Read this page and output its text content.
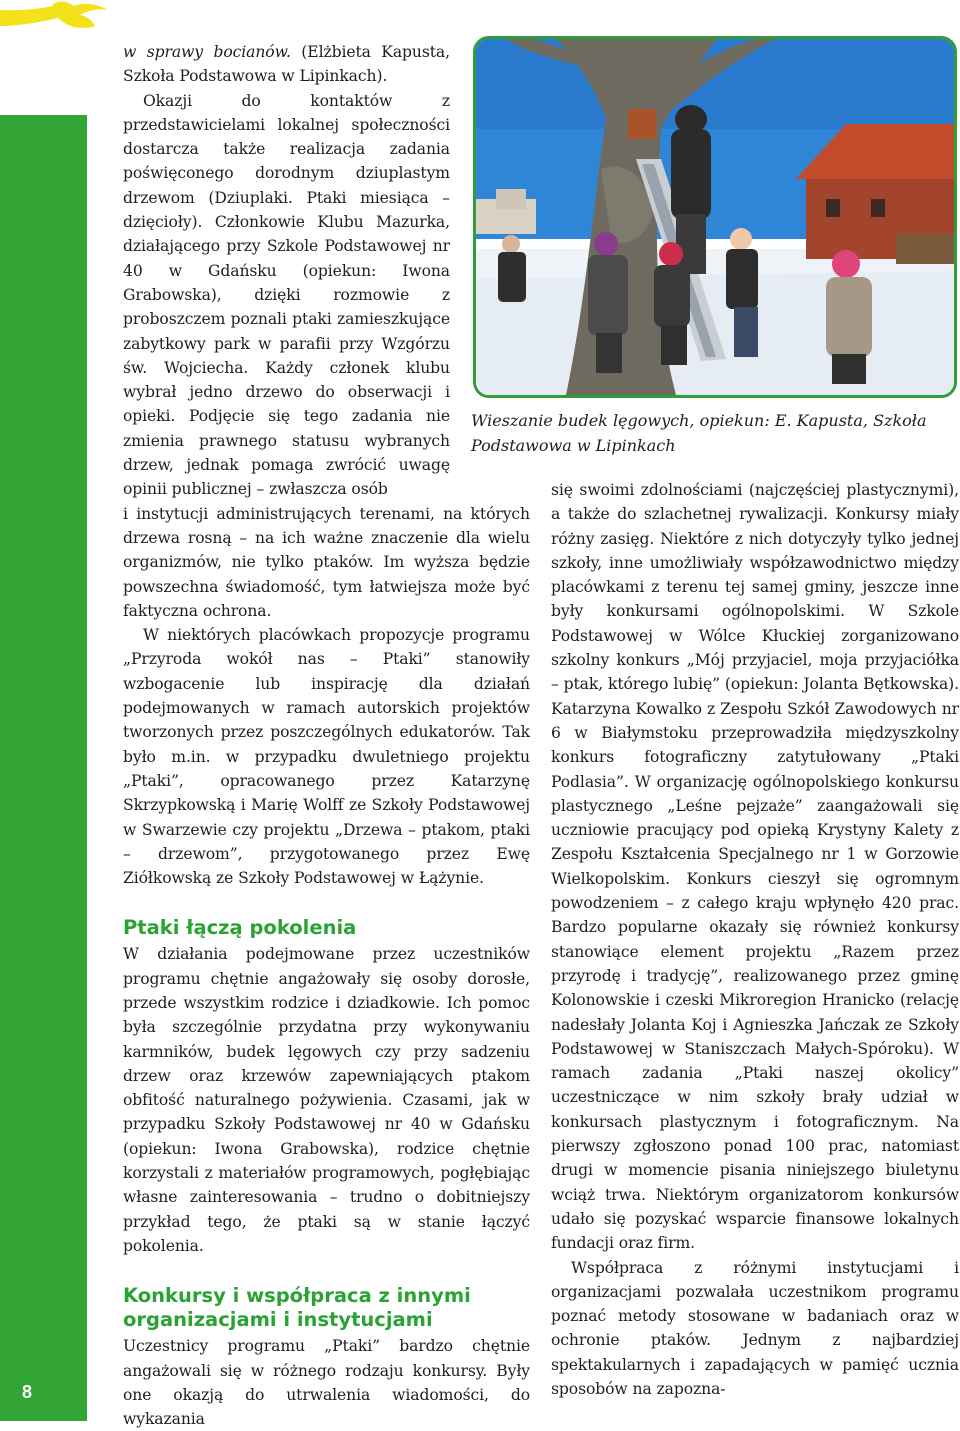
8
Wieszanie budek lęgowych, opiekun: E. Kapusta, Szkoła Podstawowa w Lipinkach

w sprawy bocianów. (Elżbieta Kapusta, Szkoła Podstawowa w Lipinkach).

Okazji do kontaktów z przedstawicielami lokalnej społeczności dostarcza także realizacja zadania poświęconego dorodnym dziuplastym drzewom (Dziuplaki. Ptaki miesiąca – dzięcioły). Członkowie Klubu Mazurka, działającego przy Szkole Podstawowej nr 40 w Gdańsku (opiekun: Iwona Grabowska), dzięki rozmowie z proboszczem poznali ptaki zamieszkujące zabytkowy park w parafii przy Wzgórzu św. Wojciecha. Każdy członek klubu wybrał jedno drzewo do obserwacji i opieki. Podjęcie się tego zadania nie zmienia prawnego statusu wybranych drzew, jednak pomaga zwrócić uwagę opinii publicznej – zwłaszcza osób

i instytucji administrujących terenami, na których drzewa rosną – na ich ważne znaczenie dla wielu organizmów, nie tylko ptaków. Im wyższa będzie powszechna świadomość, tym łatwiejsza może być faktyczna ochrona.

W niektórych placówkach propozycje programu „Przyroda wokół nas – Ptaki” stanowiły wzbogacenie lub inspirację dla działań podejmowanych w ramach autorskich projektów tworzonych przez poszczególnych edukatorów. Tak było m.in. w przypadku dwuletniego projektu „Ptaki”, opracowanego przez Katarzynę Skrzypkowską i Marię Wolff ze Szkoły Podstawowej w Swarzewie czy projektu „Drzewa – ptakom, ptaki – drzewom”, przygotowanego przez Ewę Ziółkowską ze Szkoły Podstawowej w Łążynie.

Ptaki łączą pokolenia

W działania podejmowane przez uczestników programu chętnie angażowały się osoby dorosłe, przede wszystkim rodzice i dziadkowie. Ich pomoc była szczególnie przydatna przy wykonywaniu karmników, budek lęgowych czy przy sadzeniu drzew oraz krzewów zapewniających ptakom obfitość naturalnego pożywienia. Czasami, jak w przypadku Szkoły Podstawowej nr 40 w Gdańsku (opiekun: Iwona Grabowska), rodzice chętnie korzystali z materiałów programowych, pogłębiając własne zainteresowania – trudno o dobitniejszy przykład tego, że ptaki są w stanie łączyć pokolenia.

Konkursy i współpraca z innymi organizacjami i instytucjami

Uczestnicy programu „Ptaki” bardzo chętnie angażowali się w różnego rodzaju konkursy. Były one okazją do utrwalenia wiadomości, do wykazania

się swoimi zdolnościami (najczęściej plastycznymi), a także do szlachetnej rywalizacji. Konkursy miały różny zasięg. Niektóre z nich dotyczyły tylko jednej szkoły, inne umożliwiały współzawodnictwo między placówkami z terenu tej samej gminy, jeszcze inne były konkursami ogólnopolskimi. W Szkole Podstawowej w Wólce Kłuckiej zorganizowano szkolny konkurs „Mój przyjaciel, moja przyjaciółka – ptak, którego lubię” (opiekun: Jolanta Bętkowska). Katarzyna Kowalko z Zespołu Szkół Zawodowych nr 6 w Białymstoku przeprowadziła międzyszkolny konkurs fotograficzny zatytułowany „Ptaki Podlasia”. W organizację ogólnopolskiego konkursu plastycznego „Leśne pejzaże” zaangażowali się uczniowie pracujący pod opieką Krystyny Kalety z Zespołu Kształcenia Specjalnego nr 1 w Gorzowie Wielkopolskim. Konkurs cieszył się ogromnym powodzeniem – z całego kraju wpłynęło 420 prac. Bardzo popularne okazały się również konkursy stanowiące element projektu „Razem przez przyrodę i tradycję”, realizowanego przez gminę Kolonowskie i czeski Mikroregion Hranicko (relację nadesłały Jolanta Koj i Agnieszka Jańczak ze Szkoły Podstawowej w Staniszczach Małych-Spóroku). W ramach zadania „Ptaki naszej okolicy” uczestniczące w nim szkoły brały udział w konkursach plastycznym i fotograficznym. Na pierwszy zgłoszono ponad 100 prac, natomiast drugi w momencie pisania niniejszego biuletynu wciąż trwa. Niektórym organizatorom konkursów udało się pozyskać wsparcie finansowe lokalnych fundacji oraz firm.

Współpraca z różnymi instytucjami i organizacjami pozwalała uczestnikom programu poznać metody stosowane w badaniach oraz w ochronie ptaków. Jednym z najbardziej spektakularnych i zapadających w pamięć ucznia sposobów na zapozna-
